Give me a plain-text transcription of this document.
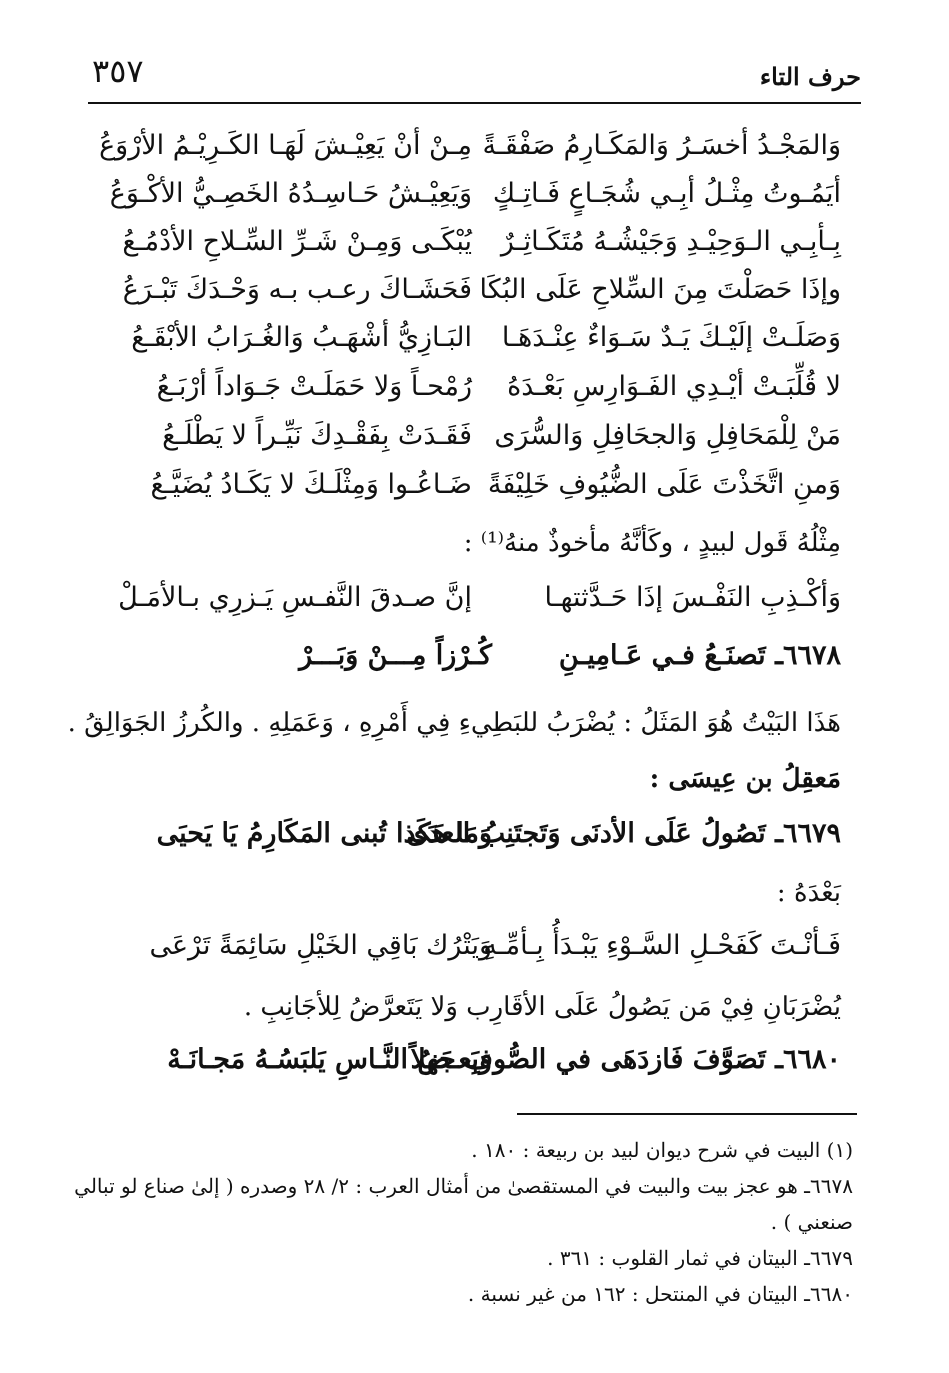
حرف التاء
٣٥٧
وَالمَجْـدُ أخسَـرُ وَالمَكَـارِمُ صَفْقَـةً
مِـنْ أنْ يَعِيْـشَ لَهَـا الكَـرِيْـمُ الأرْوَعُ
أيَمُـوتُ مِثْـلُ أبِـي شُجَـاعٍ فَـاتِـكٍ
وَيَعِيْـشُ حَـاسِـدُهُ الخَصِـيُّ الأكْـوَعُ
بِـأبِـي الـوَحِيْـدِ وَجَيْشُـهُ مُتَكَـاثِـرٌ
يُبْكَـى وَمِـنْ شَـرِّ السِّـلاحِ الأدْمُـعُ
وإذَا حَصَلْتَ مِنَ السِّلاحِ عَلَى البُكَا
فَحَشَـاكَ رعـب بـه وَحْـدَكَ تَبْـرَعُ
وَصَلَـتْ إلَيْـكَ يَـدٌ سَـوَاءٌ عِنْـدَهَـا
البَـازِيُّ أشْهَـبُ وَالغُـرَابُ الأبْقَـعُ
لا قُلِّبَـتْ أيْـدِي الفَـوَارِسِ بَعْـدَهُ
رُمْحـاً وَلا حَمَلَـتْ جَـوَاداً أرْبَـعُ
مَنْ لِلْمَحَافِلِ وَالجحَافِلِ وَالسُّرَى
فَقَـدَتْ بِفَقْـدِكَ نَيِّـراً لا يَطْلَـعُ
وَمنِ اتَّخَذْتَ عَلَى الضُّيُوفِ خَلِيْفَةً
ضَـاعُـوا وَمِثْلَـكَ لا يَكَـادُ يُضَيَّـعُ
مِثْلُهُ قَول لبيدٍ ، وكَأنَّهُ مأخوذٌ منهُ⁽¹⁾ :
وَأكْـذِبِ النَفْـسَ إذَا حَـدَّثتهـا
إنَّ صـدقَ النَّفـسِ يَـزرِي بـالأمَـلْ
٦٦٧٨ـ تَصنَـعُ فـي عَـامِيـنِ
كُـرْزاً مِـــنْ وَبَـــرْ
هَذَا البَيْتُ هُوَ المَثَلُ : يُضْرَبُ للبَطِيءِ فِي أَمْرِهِ ، وَعَمَلِهِ . والكُرزُ الجَوَالِقُ .
مَعقِلُ بن عِيسَى :
٦٦٧٩ـ تَصُولُ عَلَى الأدنَى وَتَجتَنِبُ العدَى
وَمَا هَكَذا تُبنى المَكَارِمُ يَا يَحيَى
بَعْدَهُ :
فَـأنْـتَ كَفَحْـلِ السَّـوْءِ يَبْـدَأُ بِـأمِّـهِ
وَيَتْرُك بَاقِي الخَيْلِ سَائِمَةً تَرْعَى
يُضْرَبَانِ فِيْ مَن يَصُولُ عَلَى الأقَارِب وَلا يَتَعرَّضُ لِلأجَانِبِ .
٦٦٨٠ـ تَصَوَّفَ فَازدَهَى في الصُّوفِ جَهلاً
وَبَعـضُ النَّـاسِ يَلبَسُـهُ مَجـانَـهْ
(١) البيت في شرح ديوان لبيد بن ربيعة : ١٨٠ .
٦٦٧٨ـ هو عجز بيت والبيت في المستقصىٰ من أمثال العرب : ٢/ ٢٨ وصدره ( إلىٰ صناع لو تبالي
صنعني ) .
٦٦٧٩ـ البيتان في ثمار القلوب : ٣٦١ .
٦٦٨٠ـ البيتان في المنتحل : ١٦٢ من غير نسبة .
